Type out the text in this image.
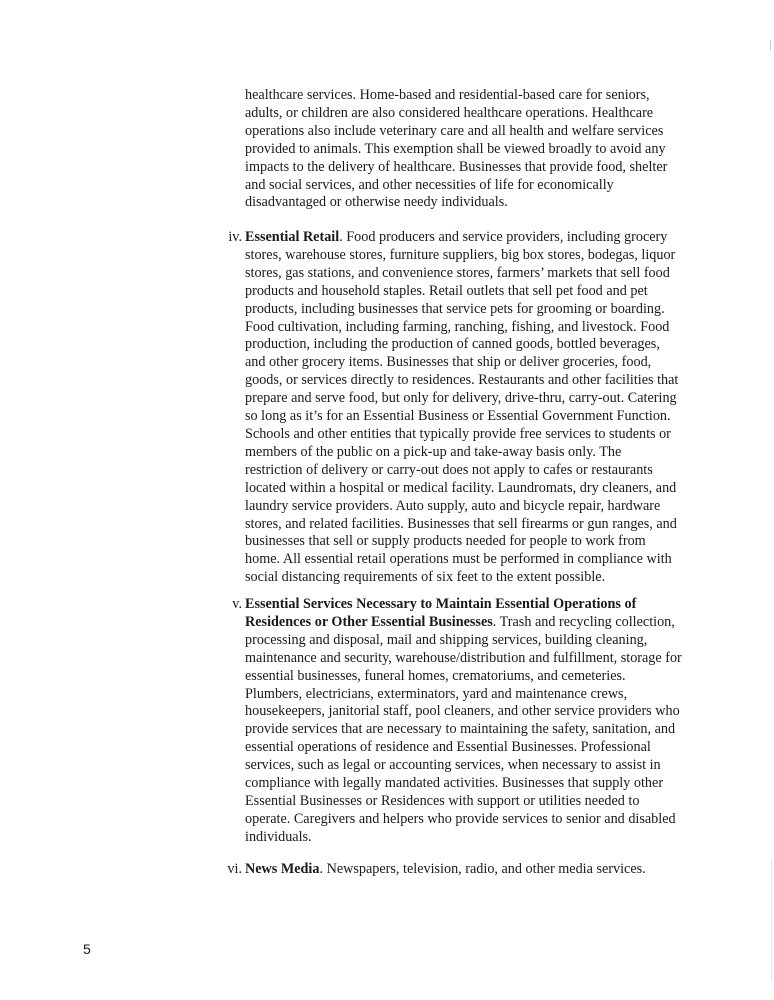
healthcare services. Home-based and residential-based care for seniors, adults, or children are also considered healthcare operations. Healthcare operations also include veterinary care and all health and welfare services provided to animals. This exemption shall be viewed broadly to avoid any impacts to the delivery of healthcare. Businesses that provide food, shelter and social services, and other necessities of life for economically disadvantaged or otherwise needy individuals.

iv. Essential Retail. Food producers and service providers, including grocery stores, warehouse stores, furniture suppliers, big box stores, bodegas, liquor stores, gas stations, and convenience stores, farmers’ markets that sell food products and household staples. Retail outlets that sell pet food and pet products, including businesses that service pets for grooming or boarding. Food cultivation, including farming, ranching, fishing, and livestock. Food production, including the production of canned goods, bottled beverages, and other grocery items. Businesses that ship or deliver groceries, food, goods, or services directly to residences. Restaurants and other facilities that prepare and serve food, but only for delivery, drive-thru, carry-out. Catering so long as it’s for an Essential Business or Essential Government Function. Schools and other entities that typically provide free services to students or members of the public on a pick-up and take-away basis only. The restriction of delivery or carry-out does not apply to cafes or restaurants located within a hospital or medical facility. Laundromats, dry cleaners, and laundry service providers. Auto supply, auto and bicycle repair, hardware stores, and related facilities. Businesses that sell firearms or gun ranges, and businesses that sell or supply products needed for people to work from home. All essential retail operations must be performed in compliance with social distancing requirements of six feet to the extent possible.
v. Essential Services Necessary to Maintain Essential Operations of Residences or Other Essential Businesses. Trash and recycling collection, processing and disposal, mail and shipping services, building cleaning, maintenance and security, warehouse/distribution and fulfillment, storage for essential businesses, funeral homes, crematoriums, and cemeteries. Plumbers, electricians, exterminators, yard and maintenance crews, housekeepers, janitorial staff, pool cleaners, and other service providers who provide services that are necessary to maintaining the safety, sanitation, and essential operations of residence and Essential Businesses. Professional services, such as legal or accounting services, when necessary to assist in compliance with legally mandated activities. Businesses that supply other Essential Businesses or Residences with support or utilities needed to operate. Caregivers and helpers who provide services to senior and disabled individuals.
vi. News Media. Newspapers, television, radio, and other media services.
5
